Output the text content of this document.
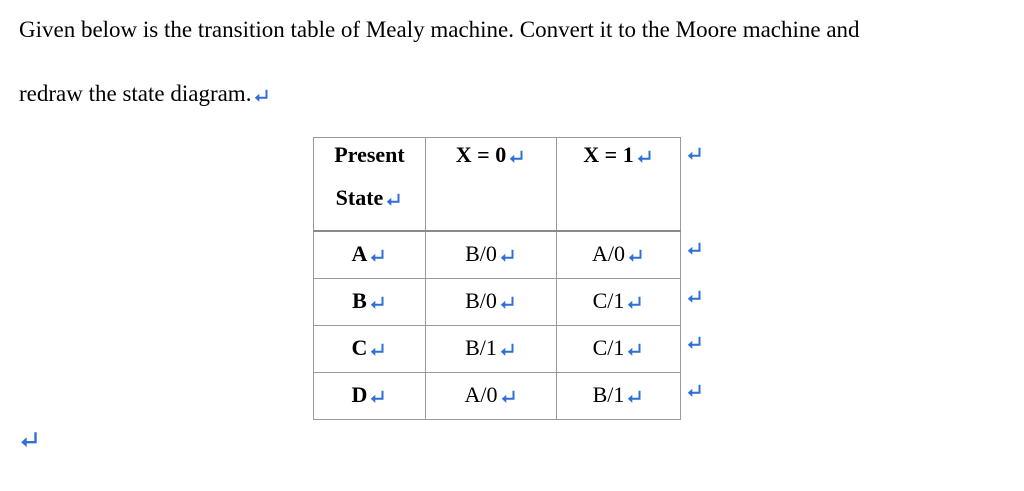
Given below is the transition table of Mealy machine. Convert it to the Moore machine and
redraw the state diagram.
Present
State	X = 0	X = 1

A	B/0	A/0

B	B/0	C/1

C	B/1	C/1

D	A/0	B/1
